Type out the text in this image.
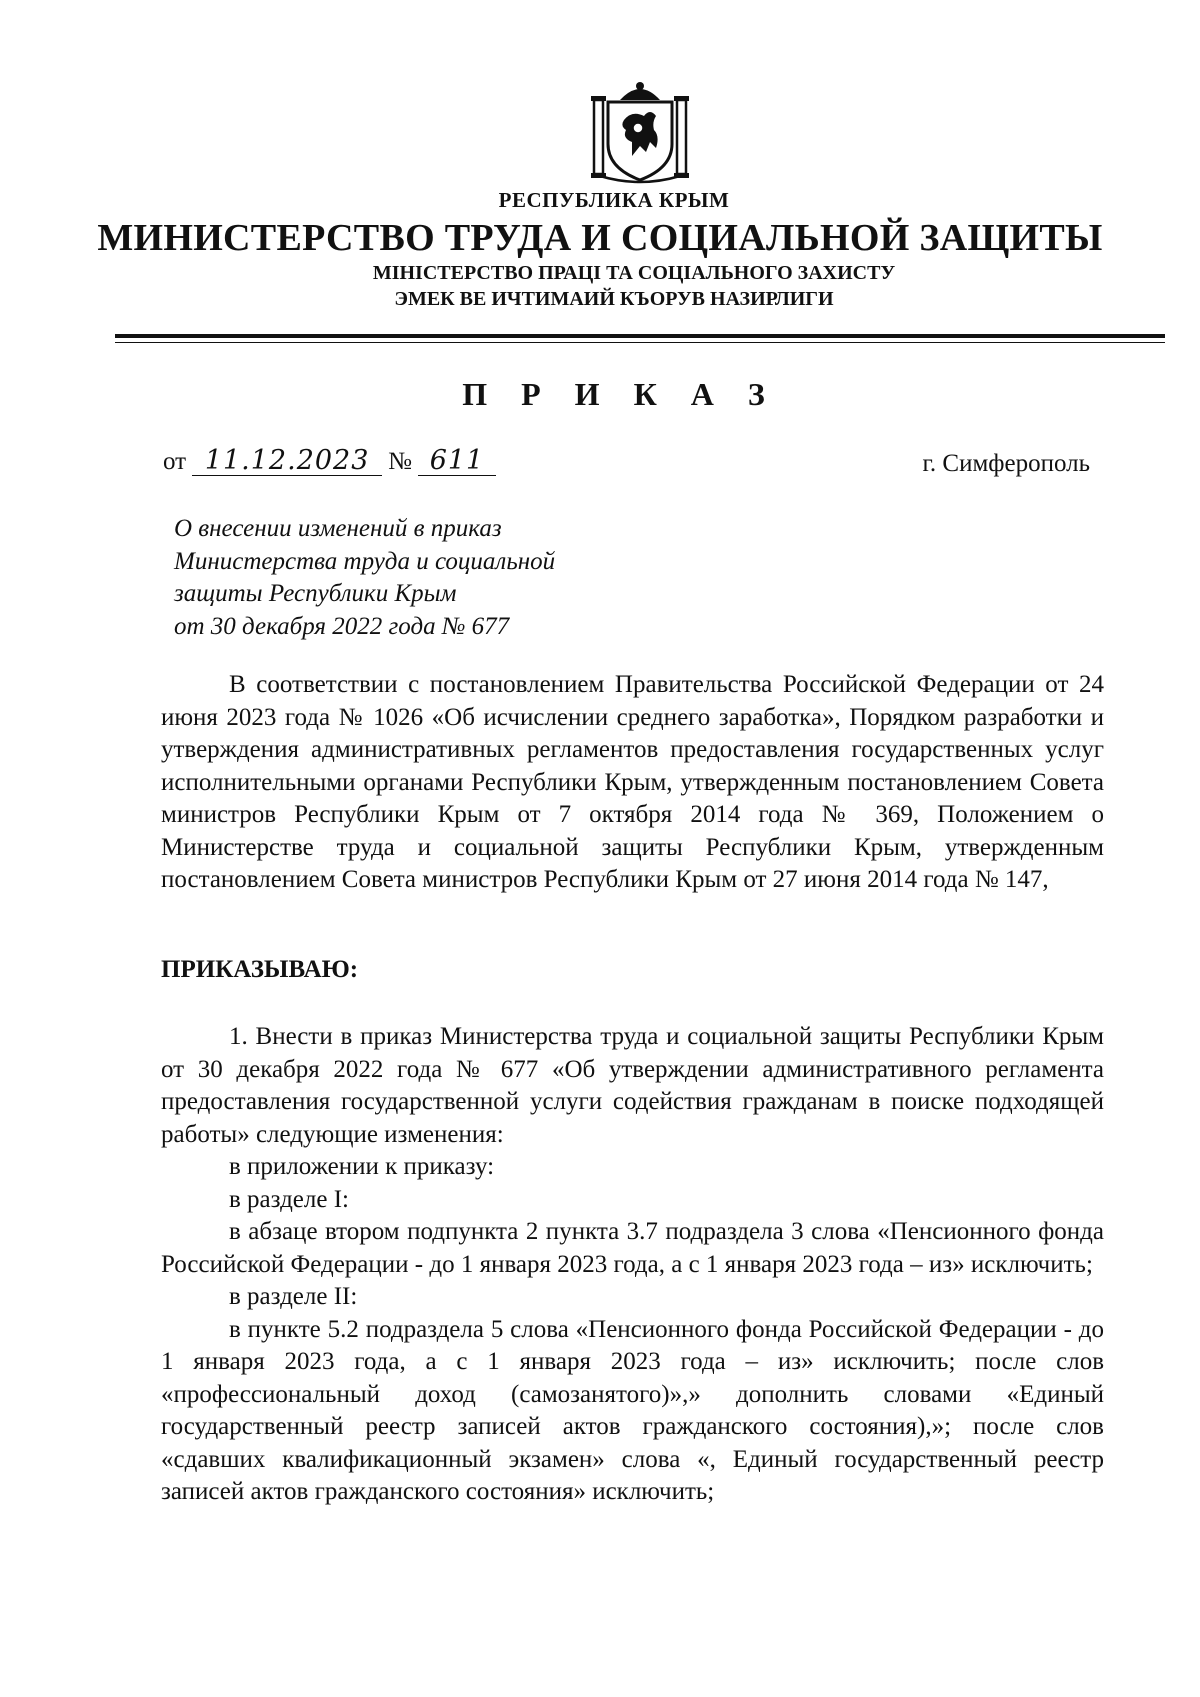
РЕСПУБЛИКА КРЫМ
МИНИСТЕРСТВО ТРУДА И СОЦИАЛЬНОЙ ЗАЩИТЫ
МІНІСТЕРСТВО ПРАЦІ ТА СОЦІАЛЬНОГО ЗАХИСТУ
ЭМЕК ВЕ ИЧТИМАИЙ КЪОРУВ НАЗИРЛИГИ
П Р И К А З
от 11.12.2023 № 611	г. Симферополь
О внесении изменений в приказ
Министерства труда и социальной
защиты Республики Крым
от 30 декабря 2022 года № 677

В соответствии с постановлением Правительства Российской Федерации от 24 июня 2023 года № 1026 «Об исчислении среднего заработка», Порядком разработки и утверждения административных регламентов предоставления государственных услуг исполнительными органами Республики Крым, утвержденным постановлением Совета министров Республики Крым от 7 октября 2014 года № 369, Положением о Министерстве труда и социальной защиты Республики Крым, утвержденным постановлением Совета министров Республики Крым от 27 июня 2014 года № 147,

ПРИКАЗЫВАЮ:

1. Внести в приказ Министерства труда и социальной защиты Республики Крым от 30 декабря 2022 года № 677 «Об утверждении административного регламента предоставления государственной услуги содействия гражданам в поиске подходящей работы» следующие изменения:

в приложении к приказу:

в разделе I:

в абзаце втором подпункта 2 пункта 3.7 подраздела 3 слова «Пенсионного фонда Российской Федерации - до 1 января 2023 года, а с 1 января 2023 года – из» исключить;

в разделе II:

в пункте 5.2 подраздела 5 слова «Пенсионного фонда Российской Федерации - до 1 января 2023 года, а с 1 января 2023 года – из» исключить; после слов «профессиональный доход (самозанятого)»,» дополнить словами «Единый государственный реестр записей актов гражданского состояния),»; после слов «сдавших квалификационный экзамен» слова «, Единый государственный реестр записей актов гражданского состояния» исключить;
